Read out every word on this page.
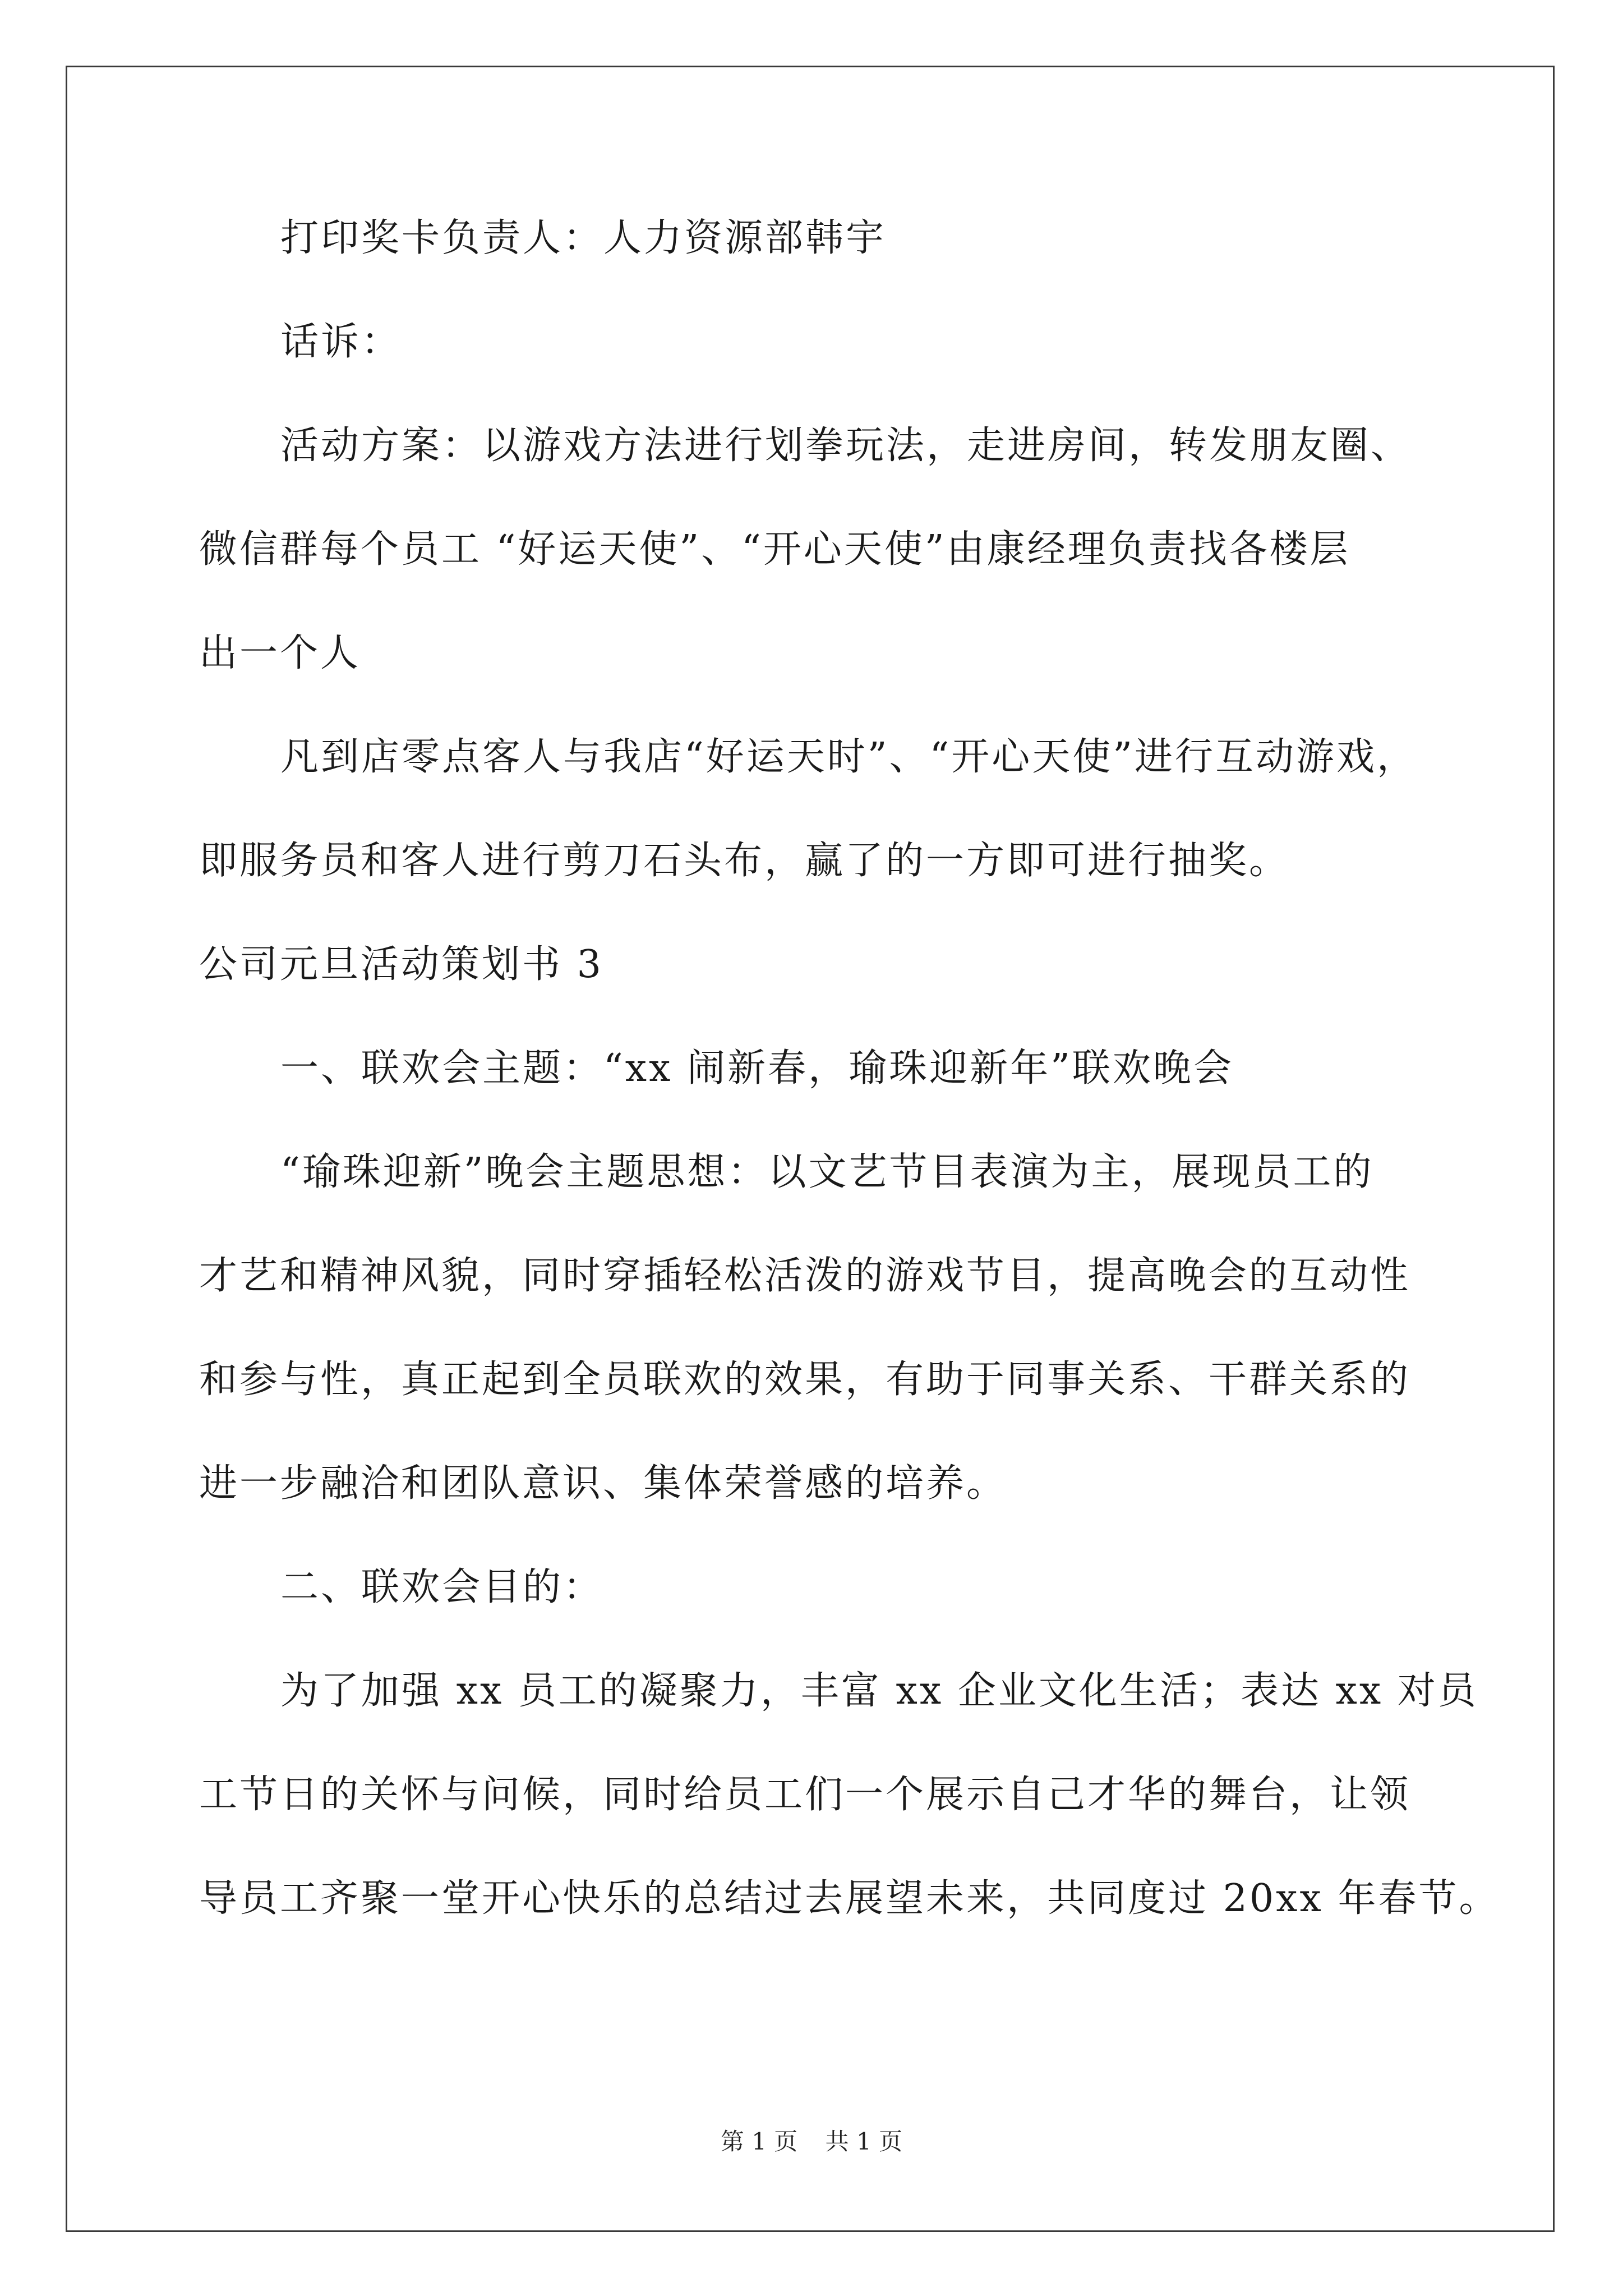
打印奖卡负责人：人力资源部韩宇
话诉：
活动方案：以游戏方法进行划拳玩法，走进房间，转发朋友圈、
微信群每个员工 “好运天使”、“开心天使”由康经理负责找各楼层
出一个人
凡到店零点客人与我店“好运天时”、“开心天使”进行互动游戏，
即服务员和客人进行剪刀石头布，赢了的一方即可进行抽奖。
公司元旦活动策划书 3
一、联欢会主题：“xx 闹新春，瑜珠迎新年”联欢晚会
“瑜珠迎新”晚会主题思想：以文艺节目表演为主，展现员工的
才艺和精神风貌，同时穿插轻松活泼的游戏节目，提高晚会的互动性
和参与性，真正起到全员联欢的效果，有助于同事关系、干群关系的
进一步融洽和团队意识、集体荣誉感的培养。
二、联欢会目的：
为了加强 xx 员工的凝聚力，丰富 xx 企业文化生活；表达 xx 对员
工节日的关怀与问候，同时给员工们一个展示自己才华的舞台，让领
导员工齐聚一堂开心快乐的总结过去展望未来，共同度过 20xx 年春节。
第 1 页 共 1 页
